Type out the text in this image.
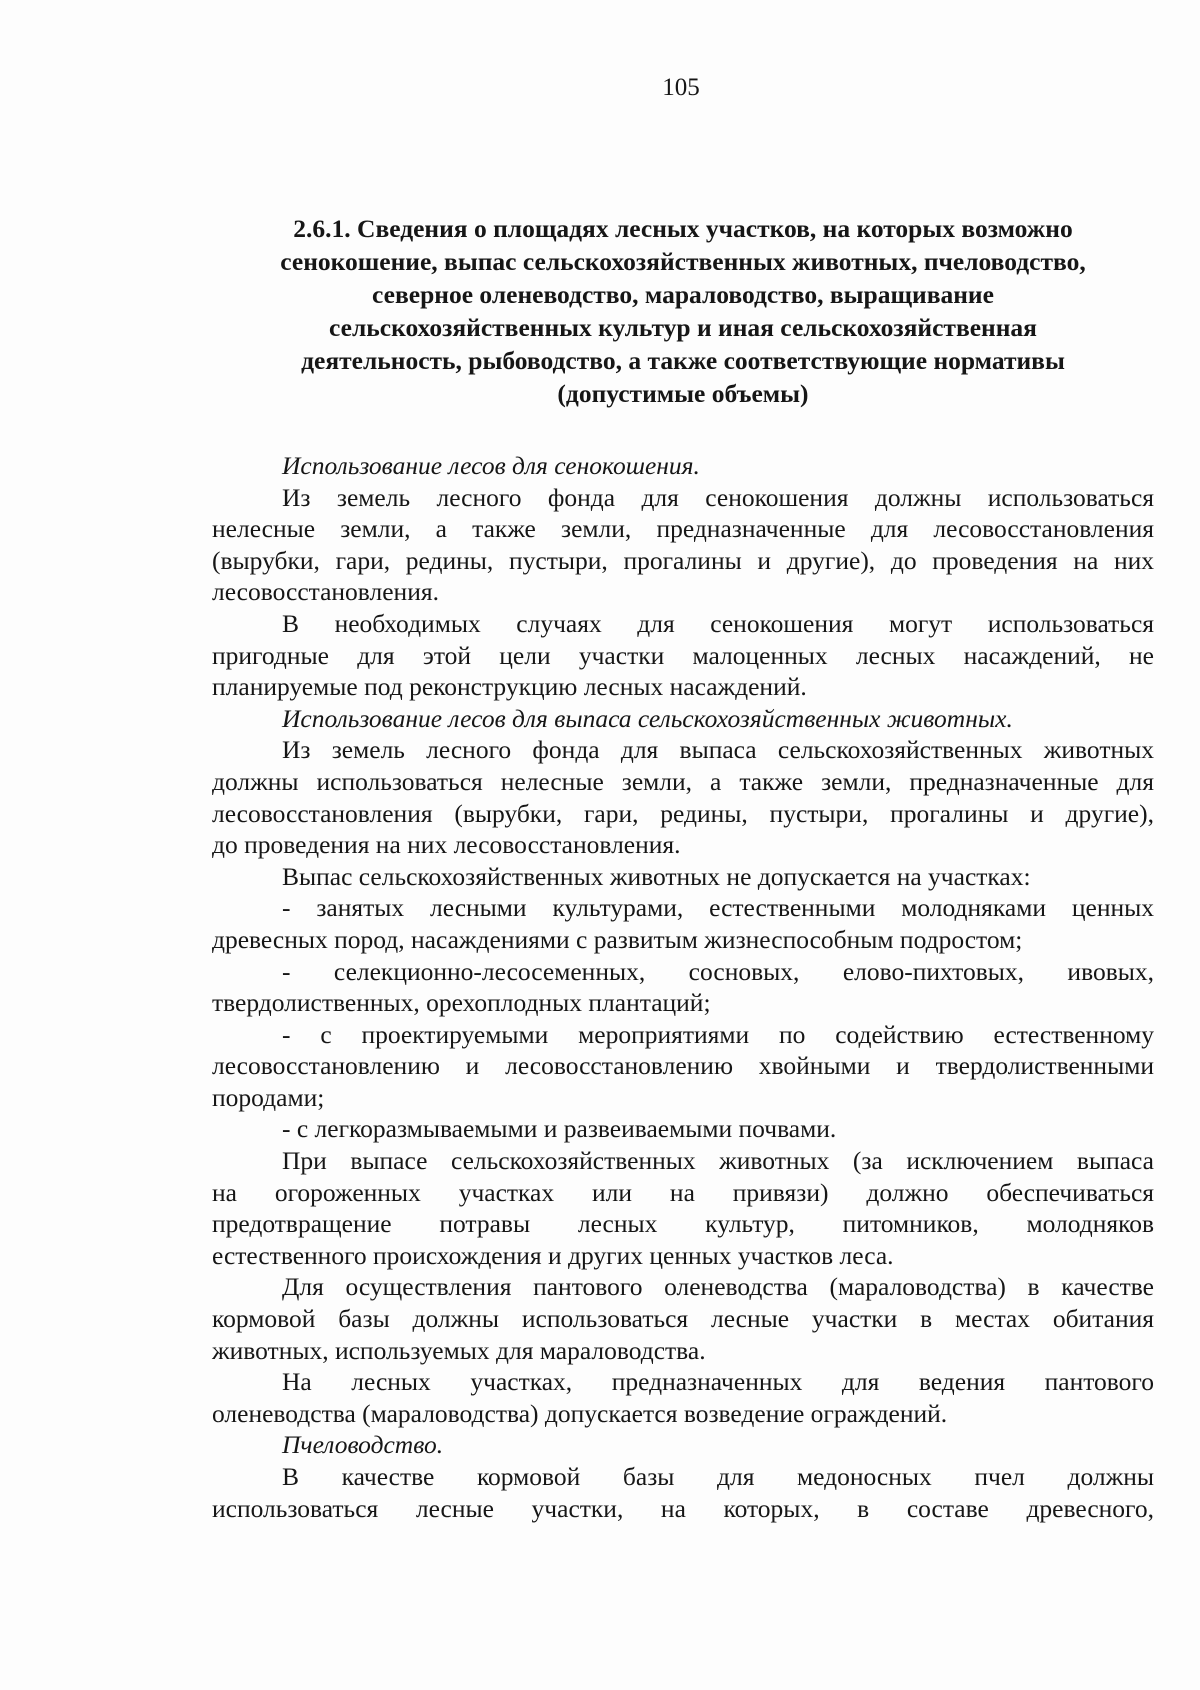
105
2.6.1. Сведения о площадях лесных участков, на которых возможно
сенокошение, выпас сельскохозяйственных животных, пчеловодство,
северное оленеводство, мараловодство, выращивание
сельскохозяйственных культур и иная сельскохозяйственная
деятельность, рыбоводство, а также соответствующие нормативы
(допустимые объемы)
Использование лесов для сенокошения.
Из земель лесного фонда для сенокошения должны использоваться
нелесные земли, а также земли, предназначенные для лесовосстановления
(вырубки, гари, редины, пустыри, прогалины и другие), до проведения на них
лесовосстановления.
В необходимых случаях для сенокошения могут использоваться
пригодные для этой цели участки малоценных лесных насаждений, не
планируемые под реконструкцию лесных насаждений.
Использование лесов для выпаса сельскохозяйственных животных.
Из земель лесного фонда для выпаса сельскохозяйственных животных
должны использоваться нелесные земли, а также земли, предназначенные для
лесовосстановления (вырубки, гари, редины, пустыри, прогалины и другие),
до проведения на них лесовосстановления.
Выпас сельскохозяйственных животных не допускается на участках:
- занятых лесными культурами, естественными молодняками ценных
древесных пород, насаждениями с развитым жизнеспособным подростом;
- селекционно-лесосеменных, сосновых, елово-пихтовых, ивовых,
твердолиственных, орехоплодных плантаций;
- с проектируемыми мероприятиями по содействию естественному
лесовосстановлению и лесовосстановлению хвойными и твердолиственными
породами;
- с легкоразмываемыми и развеиваемыми почвами.
При выпасе сельскохозяйственных животных (за исключением выпаса
на огороженных участках или на привязи) должно обеспечиваться
предотвращение потравы лесных культур, питомников, молодняков
естественного происхождения и других ценных участков леса.
Для осуществления пантового оленеводства (мараловодства) в качестве
кормовой базы должны использоваться лесные участки в местах обитания
животных, используемых для мараловодства.
На лесных участках, предназначенных для ведения пантового
оленеводства (мараловодства) допускается возведение ограждений.
Пчеловодство.
В качестве кормовой базы для медоносных пчел должны
использоваться лесные участки, на которых, в составе древесного,
